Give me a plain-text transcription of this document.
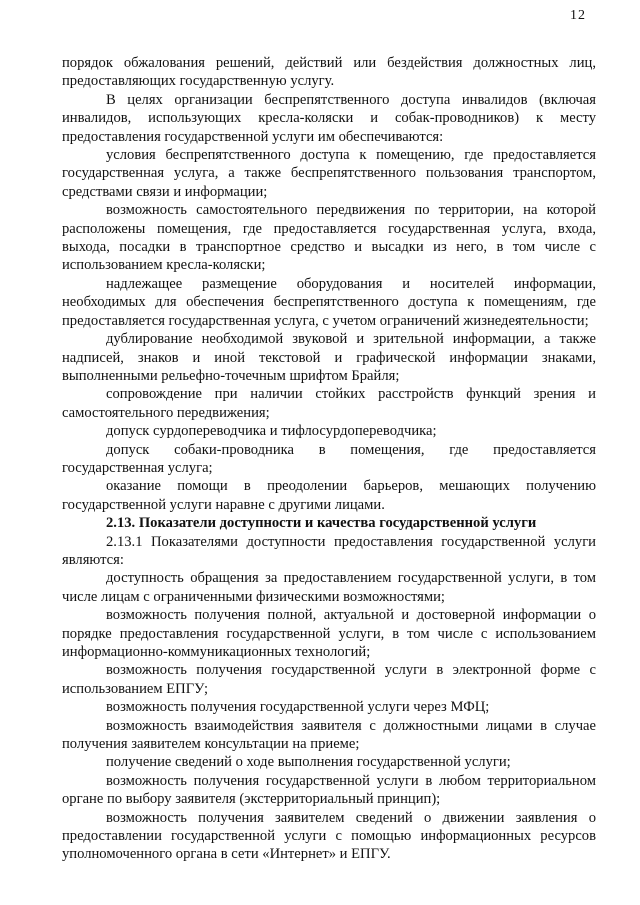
12

порядок обжалования решений, действий или бездействия должностных лиц, предоставляющих государственную услугу.

В целях организации беспрепятственного доступа инвалидов (включая инвалидов, использующих кресла-коляски и собак-проводников) к месту предоставления государственной услуги им обеспечиваются:

условия беспрепятственного доступа к помещению, где предоставляется государственная услуга, а также беспрепятственного пользования транспортом, средствами связи и информации;

возможность самостоятельного передвижения по территории, на которой расположены помещения, где предоставляется государственная услуга, входа, выхода, посадки в транспортное средство и высадки из него, в том числе с использованием кресла-коляски;

надлежащее размещение оборудования и носителей информации, необходимых для обеспечения беспрепятственного доступа к помещениям, где предоставляется государственная услуга, с учетом ограничений жизнедеятельности;

дублирование необходимой звуковой и зрительной информации, а также надписей, знаков и иной текстовой и графической информации знаками, выполненными рельефно-точечным шрифтом Брайля;

сопровождение при наличии стойких расстройств функций зрения и самостоятельного передвижения;

допуск сурдопереводчика и тифлосурдопереводчика;

допуск собаки-проводника в помещения, где предоставляется государственная услуга;

оказание помощи в преодолении барьеров, мешающих получению государственной услуги наравне с другими лицами.

2.13. Показатели доступности и качества государственной услуги

2.13.1 Показателями доступности предоставления государственной услуги являются:

доступность обращения за предоставлением государственной услуги, в том числе лицам с ограниченными физическими возможностями;

возможность получения полной, актуальной и достоверной информации о порядке предоставления государственной услуги, в том числе с использованием информационно-коммуникационных технологий;

возможность получения государственной услуги в электронной форме с использованием ЕПГУ;

возможность получения государственной услуги через МФЦ;

возможность взаимодействия заявителя с должностными лицами в случае получения заявителем консультации на приеме;

получение сведений о ходе выполнения государственной услуги;

возможность получения государственной услуги в любом территориальном органе по выбору заявителя (экстерриториальный принцип);

возможность получения заявителем сведений о движении заявления о предоставлении государственной услуги с помощью информационных ресурсов уполномоченного органа в сети «Интернет» и ЕПГУ.
